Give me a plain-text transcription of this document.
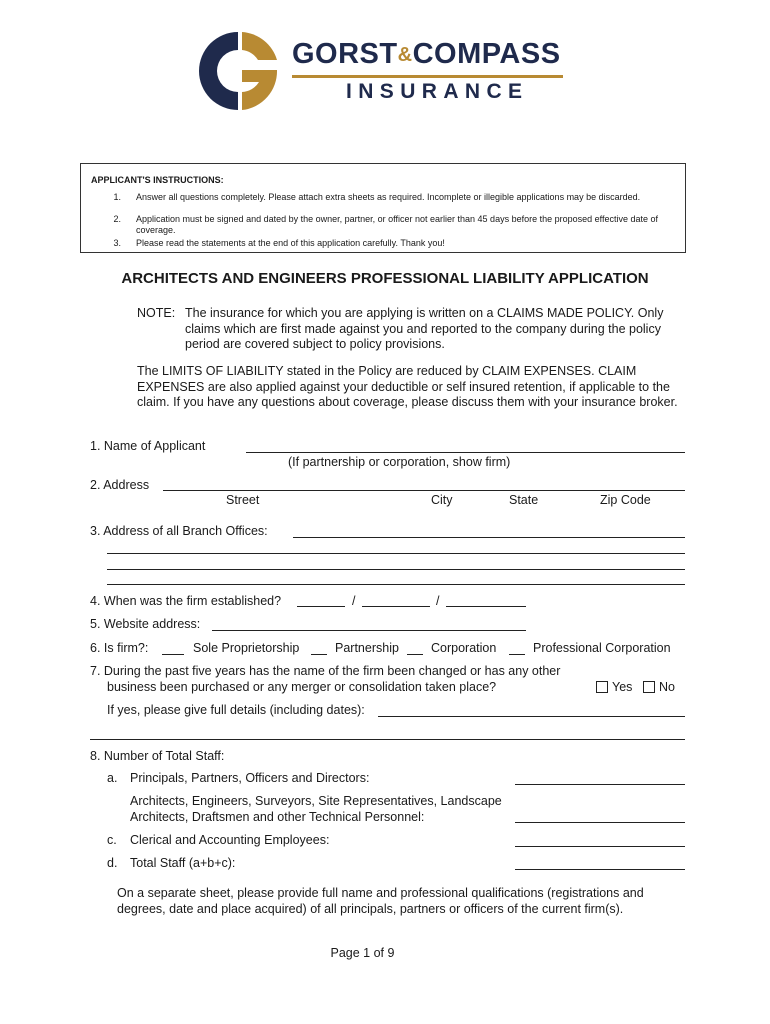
GORST&COMPASS
INSURANCE
APPLICANT'S INSTRUCTIONS:
1. Answer all questions completely. Please attach extra sheets as required. Incomplete or illegible applications may be discarded.
2. Application must be signed and dated by the owner, partner, or officer not earlier than 45 days before the proposed effective date of coverage.
3. Please read the statements at the end of this application carefully. Thank you!
ARCHITECTS AND ENGINEERS PROFESSIONAL LIABILITY APPLICATION
NOTE: The insurance for which you are applying is written on a CLAIMS MADE POLICY. Only claims which are first made against you and reported to the company during the policy period are covered subject to policy provisions.
The LIMITS OF LIABILITY stated in the Policy are reduced by CLAIM EXPENSES. CLAIM EXPENSES are also applied against your deductible or self insured retention, if applicable to the claim. If you have any questions about coverage, please discuss them with your insurance broker.
1. Name of Applicant
(If partnership or corporation, show firm)
2. Address
Street	City	State	Zip Code
3. Address of all Branch Offices:
4. When was the firm established?	/	/
5. Website address:
6. Is firm?:	Sole Proprietorship	Partnership	Corporation	Professional Corporation
7. During the past five years has the name of the firm been changed or has any other
business been purchased or any merger or consolidation taken place?	Yes	No
If yes, please give full details (including dates):
8. Number of Total Staff:
a. Principals, Partners, Officers and Directors:
Architects, Engineers, Surveyors, Site Representatives, Landscape
Architects, Draftsmen and other Technical Personnel:
c. Clerical and Accounting Employees:
d. Total Staff (a+b+c):
On a separate sheet, please provide full name and professional qualifications (registrations and degrees, date and place acquired) of all principals, partners or officers of the current firm(s).
Page 1 of 9
